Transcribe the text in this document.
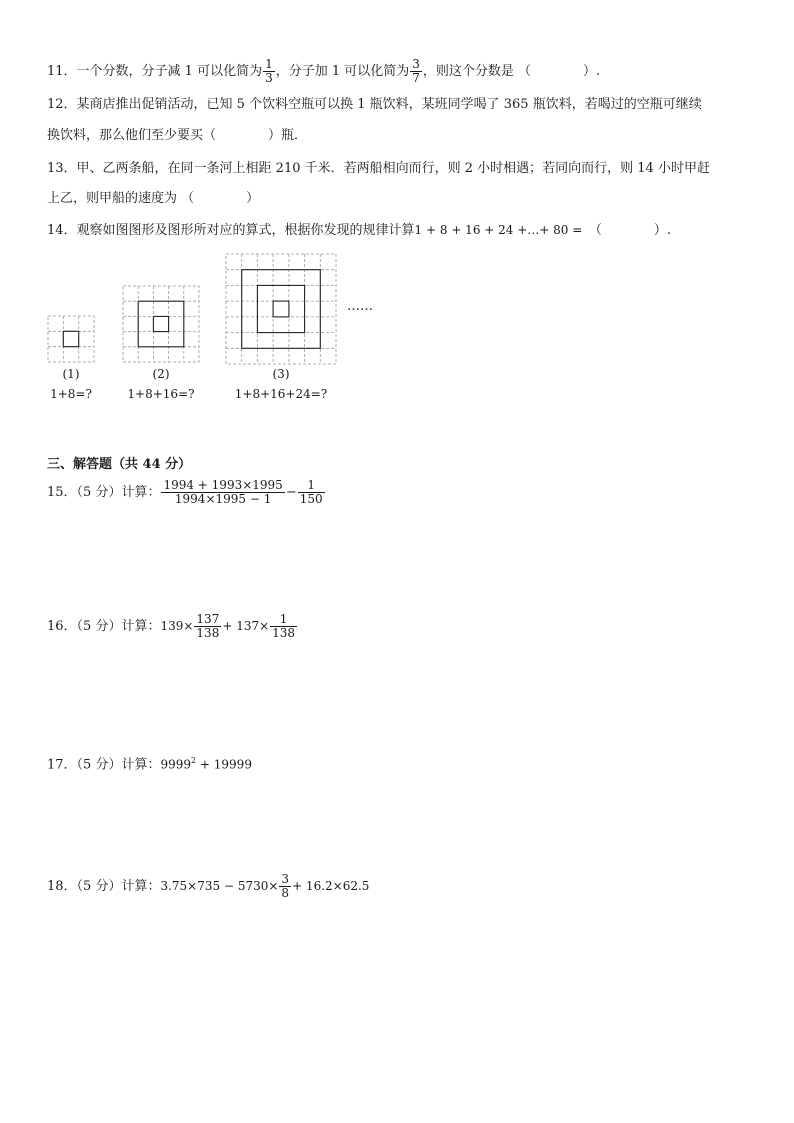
11．一个分数，分子减 1 可以化简为 $\frac{1}{3}$ ，分子加 1 可以化简为 $\frac{3}{7}$ ，则这个分数是 （　　　　）.
12．某商店推出促销活动，已知 5 个饮料空瓶可以换 1 瓶饮料，某班同学喝了 365 瓶饮料，若喝过的空瓶可继续
换饮料，那么他们至少要买（　　　　）瓶．
13．甲、乙两条船，在同一条河上相距 210 千米．若两船相向而行，则 2 小时相遇；若同向而行，则 14 小时甲赶
上乙，则甲船的速度为 （　　　　）
14．观察如图图形及图形所对应的算式，根据你发现的规律计算1 + 8 + 16 + 24 +…+ 80 =　 （　　　　）.
……
(1)
1+8=?
(2)
1+8+16=?
(3)
1+8+16+24=?
三、解答题（共 44 分）
15．（5 分）计算： $\frac{1994 + 1993\times 1995}{1994\times 1995 - 1} - \frac{1}{150}$
16．（5 分）计算：$139\times \frac{137}{138} + 137\times \frac{1}{138}$
17．（5 分）计算：$9999^2 + 19999$
18．（5 分）计算：$3.75\times 735 - 5730\times \frac{3}{8} + 16.2\times 62.5$
